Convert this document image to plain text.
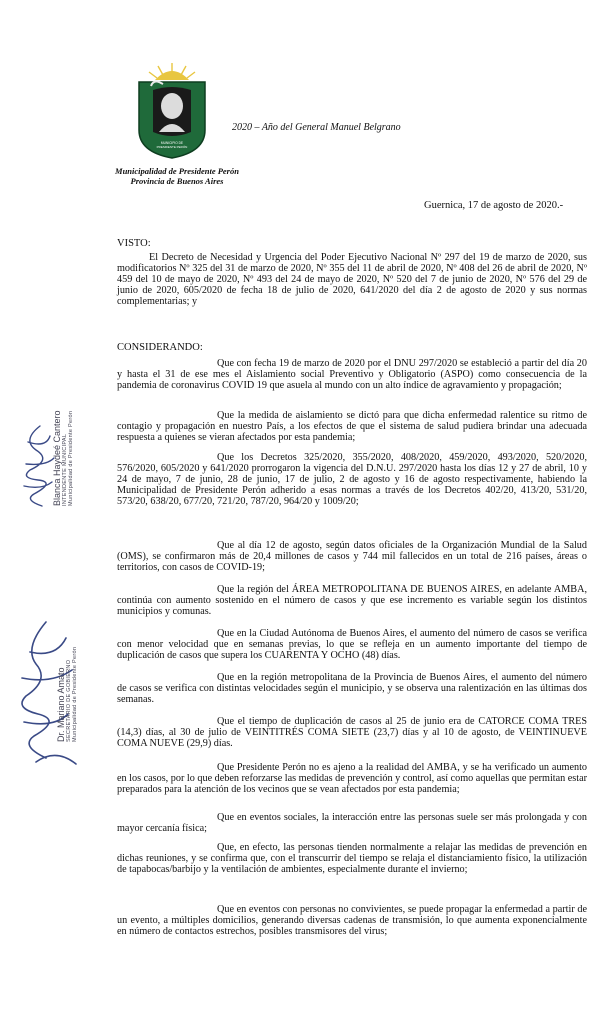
MUNICIPIO DE
PRESIDENTE PERÓN
2020 – Año del General Manuel Belgrano
Municipalidad de Presidente Perón
Provincia de Buenos Aires
Guernica, 17 de agosto de 2020.-
VISTO:
El Decreto de Necesidad y Urgencia del Poder Ejecutivo Nacional Nº 297 del 19 de marzo de 2020, sus modificatorios Nº 325 del 31 de marzo de 2020, Nº 355 del 11 de abril de 2020, Nº 408 del 26 de abril de 2020, Nº 459 del 10 de mayo de 2020, Nº 493 del 24 de mayo de 2020, Nº 520 del 7 de junio de 2020, Nº 576 del 29 de junio de 2020, 605/2020 de fecha 18 de julio de 2020, 641/2020 del día 2 de agosto de 2020 y sus normas complementarias; y
CONSIDERANDO:
Que con fecha 19 de marzo de 2020 por el DNU 297/2020 se estableció a partir del día 20 y hasta el 31 de ese mes el Aislamiento social Preventivo y Obligatorio (ASPO) como consecuencia de la pandemia de coronavirus COVID 19 que asuela al mundo con un alto índice de agravamiento y propagación;
Que la medida de aislamiento se dictó para que dicha enfermedad ralentice su ritmo de contagio y propagación en nuestro País, a los efectos de que el sistema de salud pudiera brindar una adecuada respuesta a quienes se vieran afectados por esta pandemia;
Que los Decretos 325/2020, 355/2020, 408/2020, 459/2020, 493/2020, 520/2020, 576/2020, 605/2020 y 641/2020 prorrogaron la vigencia del D.N.U. 297/2020 hasta los días 12 y 27 de abril, 10 y 24 de mayo, 7 de junio, 28 de junio, 17 de julio, 2 de agosto y 16 de agosto respectivamente, habiendo la Municipalidad de Presidente Perón adherido a esas normas a través de los Decretos 402/20, 413/20, 531/20, 573/20, 638/20, 677/20, 721/20, 787/20, 964/20 y 1009/20;
Que al día 12 de agosto, según datos oficiales de la Organización Mundial de la Salud (OMS), se confirmaron más de 20,4 millones de casos y 744 mil fallecidos en un total de 216 países, áreas o territorios, con casos de COVID-19;
Que la región del ÁREA METROPOLITANA DE BUENOS AIRES, en adelante AMBA, continúa con aumento sostenido en el número de casos y que ese incremento es variable según los distintos municipios y comunas.
Que en la Ciudad Autónoma de Buenos Aires, el aumento del número de casos se verifica con menor velocidad que en semanas previas, lo que se refleja en un aumento importante del tiempo de duplicación de casos que supera los CUARENTA Y OCHO (48) días.
Que en la región metropolitana de la Provincia de Buenos Aires, el aumento del número de casos se verifica con distintas velocidades según el municipio, y se observa una ralentización en las últimas dos semanas.
Que el tiempo de duplicación de casos al 25 de junio era de CATORCE COMA TRES (14,3) días, al 30 de julio de VEINTITRÉS COMA SIETE (23,7) días y al 10 de agosto, de VEINTINUEVE COMA NUEVE (29,9) días.
Que Presidente Perón no es ajeno a la realidad del AMBA, y se ha verificado un aumento en los casos, por lo que deben reforzarse las medidas de prevención y control, así como aquellas que permitan estar preparados para la atención de los vecinos que se vean afectados por esta pandemia;
Que en eventos sociales, la interacción entre las personas suele ser más prolongada y con mayor cercanía física;
Que, en efecto, las personas tienden normalmente a relajar las medidas de prevención en dichas reuniones, y se confirma que, con el transcurrir del tiempo se relaja el distanciamiento físico, la utilización de tapabocas/barbijo y la ventilación de ambientes, especialmente durante el invierno;
Que en eventos con personas no convivientes, se puede propagar la enfermedad a partir de un evento, a múltiples domicilios, generando diversas cadenas de transmisión, lo que aumenta exponencialmente en número de contactos estrechos, posibles transmisores del virus;
Blanca Haydeé Cantero INTENDENTE MUNICIPAL Municipalidad de Presidente Perón
Dr. Mariano Amato SECRETARIO DE GOBIERNO Municipalidad de Presidente Perón
